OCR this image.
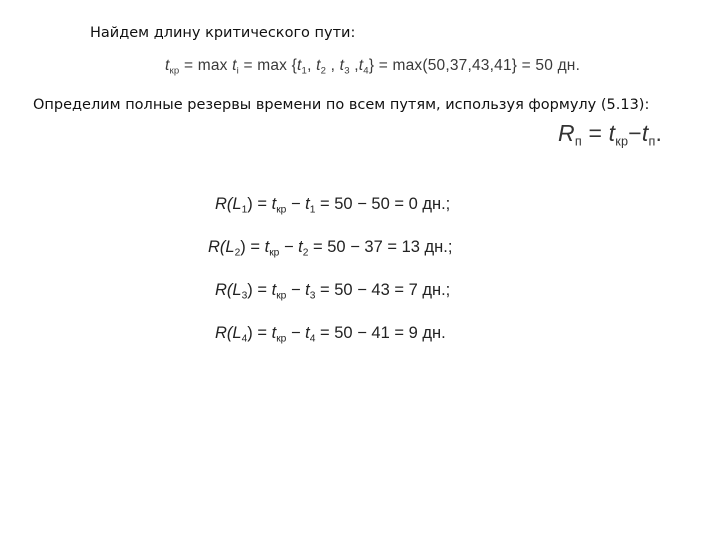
Найдем длину критического пути:
$t_{кр} = \max t_i = \max \{t_1$, $t_2$ , $t_3$ $,t_4\} = \max(50,37,43,41\} = 50$ дн.
Определим полные резервы времени по всем путям, используя формулу (5.13):
$R_п = t_{кр}-t_п$.
$R(L_1) = t_{кр} - t_1 = 50 - 50 = 0$ дн.;
$R(L_2) = t_{кр} - t_2 = 50 - 37 = 13$ дн.;
$R(L_3) = t_{кр} - t_3 = 50 - 43 = 7$ дн.;
$R(L_4) = t_{кр} - t_4 = 50 - 41 = 9$ дн.
